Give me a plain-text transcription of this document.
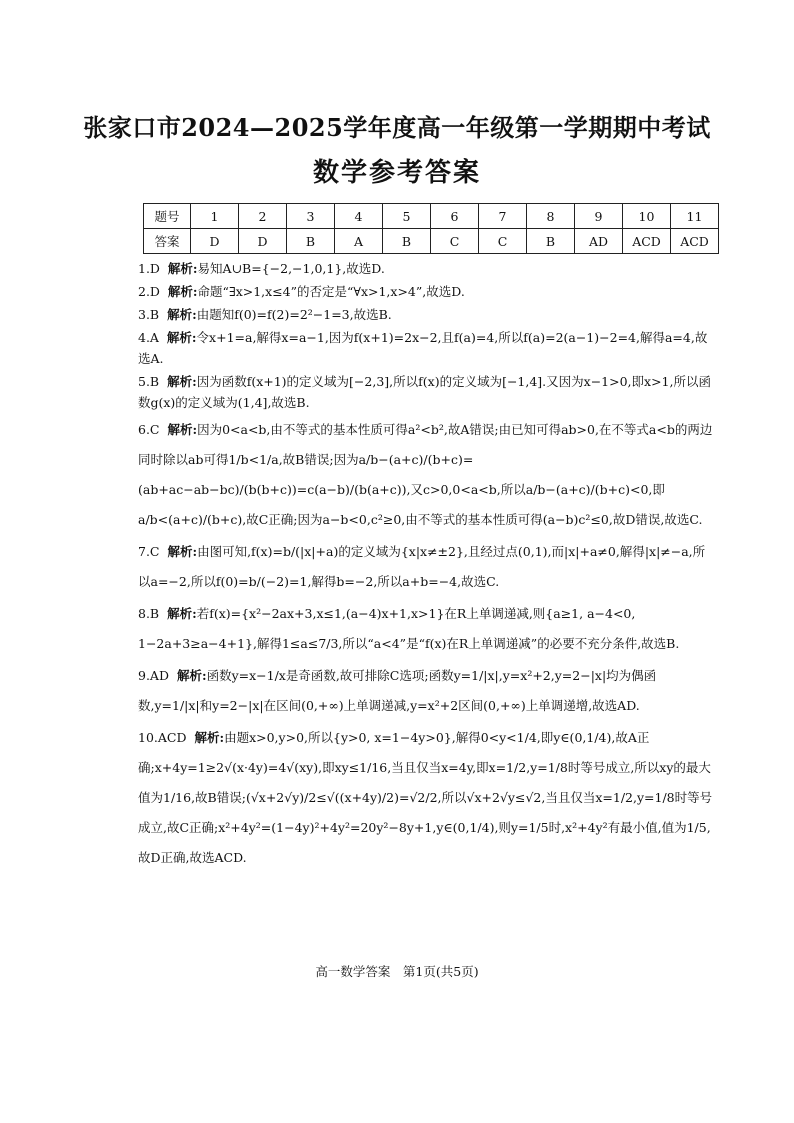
张家口市2024—2025学年度高一年级第一学期期中考试
数学参考答案
题号	1	2	3	4	5	6	7	8	9	10	11
答案	D	D	B	A	B	C	C	B	AD	ACD	ACD
1.D 解析:易知A∪B={−2,−1,0,1},故选D.
2.D 解析:命题“∃x>1,x≤4”的否定是“∀x>1,x>4”,故选D.
3.B 解析:由题知f(0)=f(2)=2²−1=3,故选B.
4.A 解析:令x+1=a,解得x=a−1,因为f(x+1)=2x−2,且f(a)=4,所以f(a)=2(a−1)−2=4,解得a=4,故选A.
5.B 解析:因为函数f(x+1)的定义域为[−2,3],所以f(x)的定义域为[−1,4].又因为x−1>0,即x>1,所以函数g(x)的定义域为(1,4],故选B.
6.C 解析:因为0<a<b,由不等式的基本性质可得a²<b²,故A错误;由已知可得ab>0,在不等式a<b的两边同时除以ab可得1/b<1/a,故B错误;因为a/b−(a+c)/(b+c)=(ab+ac−ab−bc)/(b(b+c))=c(a−b)/(b(a+c)),又c>0,0<a<b,所以a/b−(a+c)/(b+c)<0,即a/b<(a+c)/(b+c),故C正确;因为a−b<0,c²≥0,由不等式的基本性质可得(a−b)c²≤0,故D错误,故选C.
7.C 解析:由图可知,f(x)=b/(|x|+a)的定义域为{x|x≠±2},且经过点(0,1),而|x|+a≠0,解得|x|≠−a,所以a=−2,所以f(0)=b/(−2)=1,解得b=−2,所以a+b=−4,故选C.
8.B 解析:若f(x)={x²−2ax+3,x≤1,(a−4)x+1,x>1}在R上单调递减,则{a≥1, a−4<0, 1−2a+3≥a−4+1},解得1≤a≤7/3,所以“a<4”是“f(x)在R上单调递减”的必要不充分条件,故选B.
9.AD 解析:函数y=x−1/x是奇函数,故可排除C选项;函数y=1/|x|,y=x²+2,y=2−|x|均为偶函数,y=1/|x|和y=2−|x|在区间(0,+∞)上单调递减,y=x²+2区间(0,+∞)上单调递增,故选AD.
10.ACD 解析:由题x>0,y>0,所以{y>0, x=1−4y>0},解得0<y<1/4,即y∈(0,1/4),故A正确;x+4y=1≥2√(x·4y)=4√(xy),即xy≤1/16,当且仅当x=4y,即x=1/2,y=1/8时等号成立,所以xy的最大值为1/16,故B错误;(√x+2√y)/2≤√((x+4y)/2)=√2/2,所以√x+2√y≤√2,当且仅当x=1/2,y=1/8时等号成立,故C正确;x²+4y²=(1−4y)²+4y²=20y²−8y+1,y∈(0,1/4),则y=1/5时,x²+4y²有最小值,值为1/5,故D正确,故选ACD.
高一数学答案　第1页(共5页)
